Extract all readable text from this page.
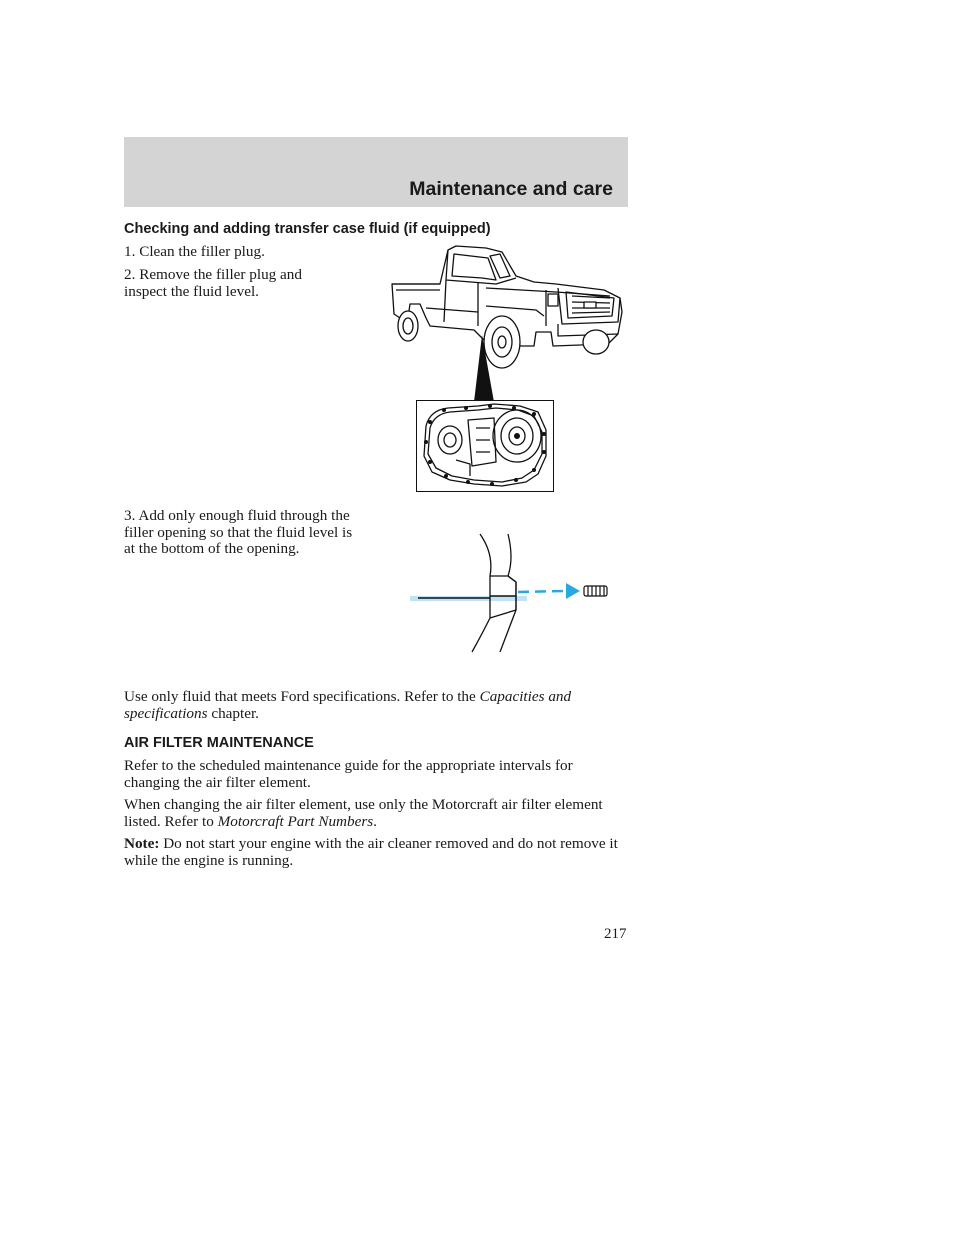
Maintenance and care
Checking and adding transfer case fluid (if equipped)
1. Clean the filler plug.
2. Remove the filler plug and inspect the fluid level.
3. Add only enough fluid through the filler opening so that the fluid level is at the bottom of the opening.
Use only fluid that meets Ford specifications. Refer to the Capacities and specifications chapter.
AIR FILTER MAINTENANCE
Refer to the scheduled maintenance guide for the appropriate intervals for changing the air filter element.
When changing the air filter element, use only the Motorcraft air filter element listed. Refer to Motorcraft Part Numbers.
Note: Do not start your engine with the air cleaner removed and do not remove it while the engine is running.
217
